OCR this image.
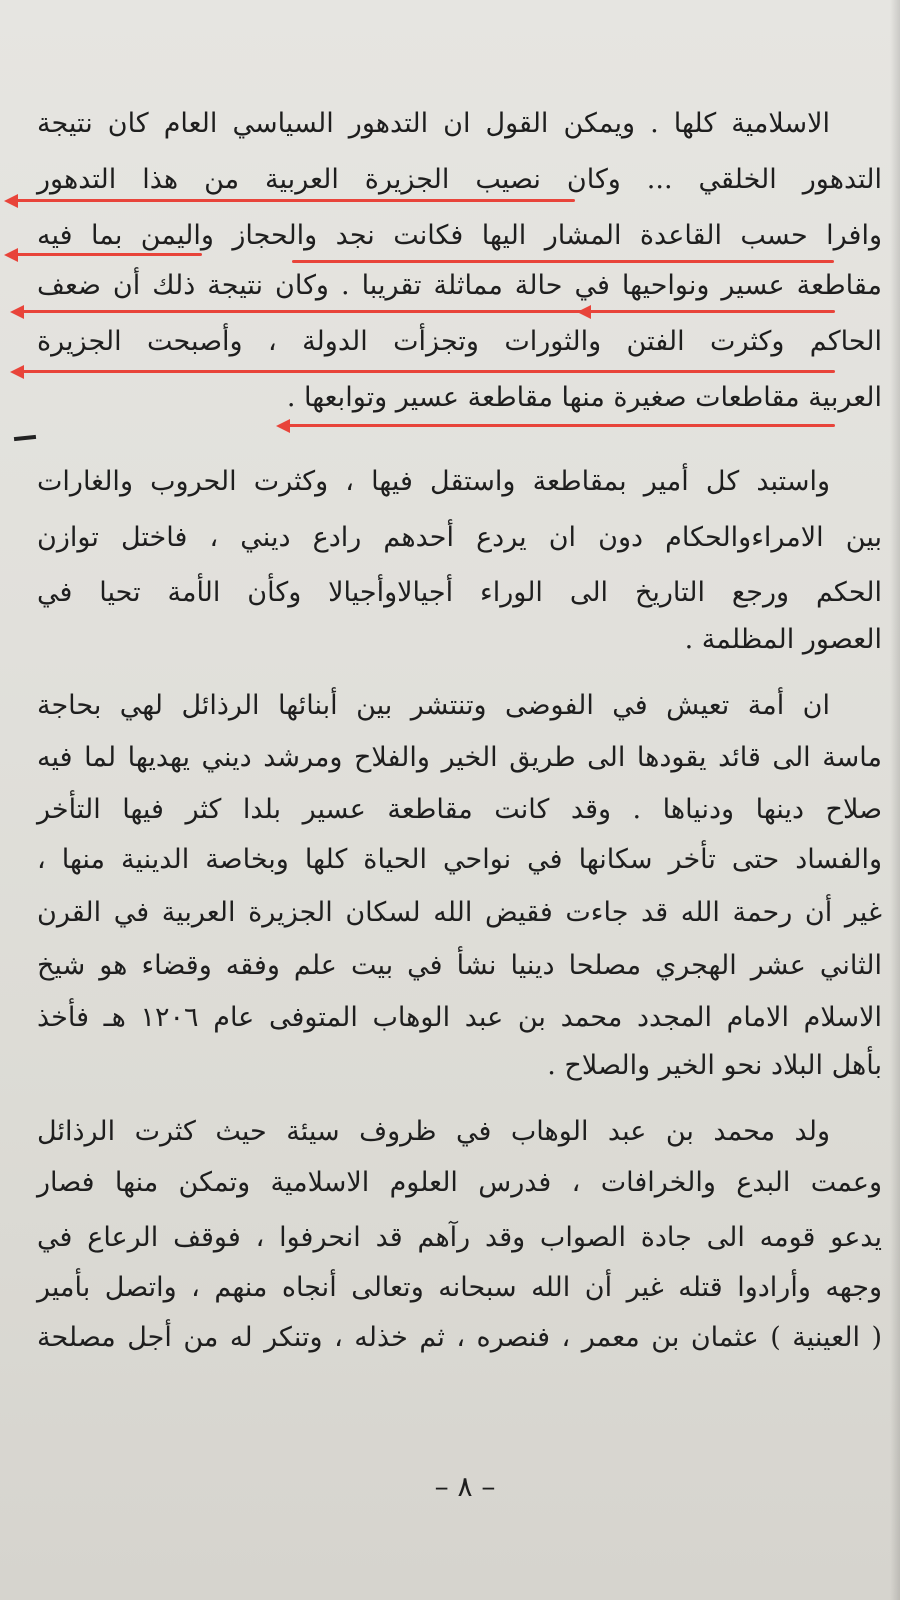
الاسلامية كلها . ويمكن القول ان التدهور السياسي العام كان نتيجة
التدهور الخلقي ... وكان نصيب الجزيرة العربية من هذا التدهور
وافرا حسب القاعدة المشار اليها فكانت نجد والحجاز واليمن بما فيه
مقاطعة عسير ونواحيها في حالة مماثلة تقريبا . وكان نتيجة ذلك أن ضعف
الحاكم وكثرت الفتن والثورات وتجزأت الدولة ، وأصبحت الجزيرة
العربية مقاطعات صغيرة منها مقاطعة عسير وتوابعها .
واستبد كل أمير بمقاطعة واستقل فيها ، وكثرت الحروب والغارات
بين الامراءوالحكام دون ان يردع أحدهم رادع ديني ، فاختل توازن
الحكم ورجع التاريخ الى الوراء أجيالاوأجيالا وكأن الأمة تحيا في
العصور المظلمة .
ان أمة تعيش في الفوضى وتنتشر بين أبنائها الرذائل لهي بحاجة
ماسة الى قائد يقودها الى طريق الخير والفلاح ومرشد ديني يهديها لما فيه
صلاح دينها ودنياها . وقد كانت مقاطعة عسير بلدا كثر فيها التأخر
والفساد حتى تأخر سكانها في نواحي الحياة كلها وبخاصة الدينية منها ،
غير أن رحمة الله قد جاءت فقيض الله لسكان الجزيرة العربية في القرن
الثاني عشر الهجري مصلحا دينيا نشأ في بيت علم وفقه وقضاء هو شيخ
الاسلام الامام المجدد محمد بن عبد الوهاب المتوفى عام ١٢٠٦ هـ فأخذ
بأهل البلاد نحو الخير والصلاح .
ولد محمد بن عبد الوهاب في ظروف سيئة حيث كثرت الرذائل
وعمت البدع والخرافات ، فدرس العلوم الاسلامية وتمكن منها فصار
يدعو قومه الى جادة الصواب وقد رآهم قد انحرفوا ، فوقف الرعاع في
وجهه وأرادوا قتله غير أن الله سبحانه وتعالى أنجاه منهم ، واتصل بأمير
( العينية ) عثمان بن معمر ، فنصره ، ثم خذله ، وتنكر له من أجل مصلحة
– ٨ –
